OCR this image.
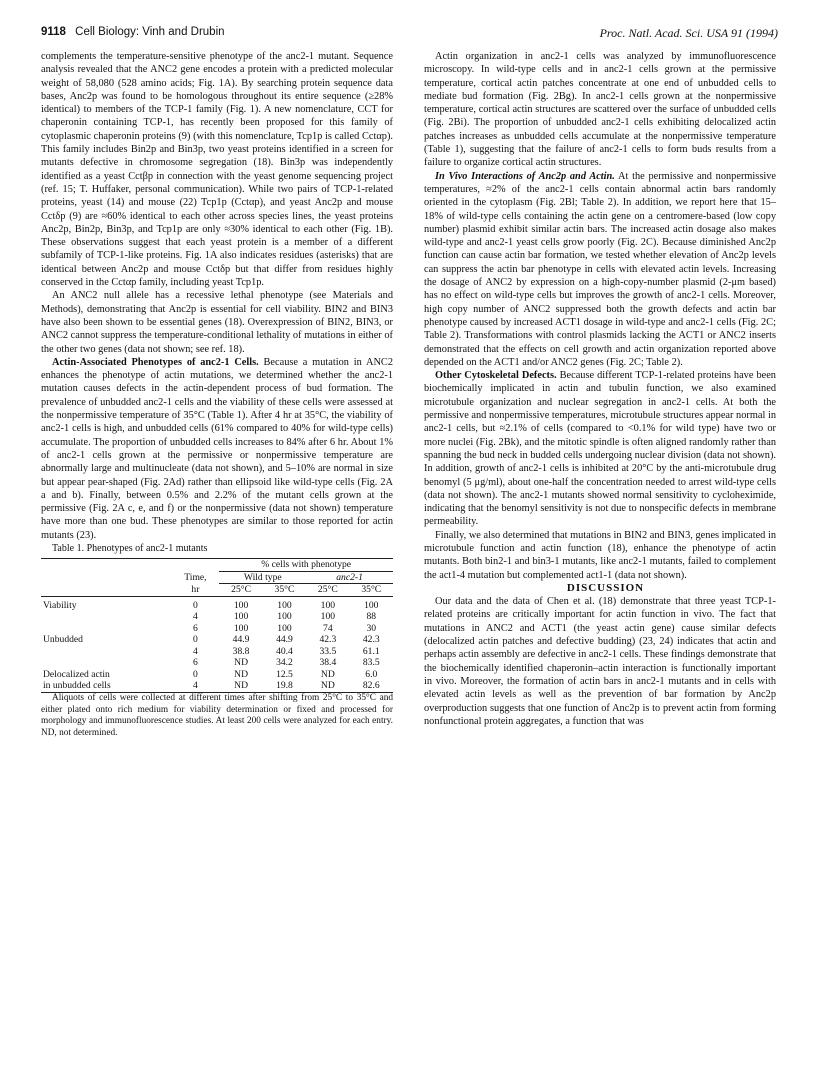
9118 Cell Biology: Vinh and Drubin	Proc. Natl. Acad. Sci. USA 91 (1994)

complements the temperature-sensitive phenotype of the anc2-1 mutant. Sequence analysis revealed that the ANC2 gene encodes a protein with a predicted molecular weight of 58,080 (528 amino acids; Fig. 1A). By searching protein sequence data bases, Anc2p was found to be homologous throughout its entire sequence (≥28% identical) to members of the TCP-1 family (Fig. 1). A new nomenclature, CCT for chaperonin containing TCP-1, has recently been proposed for this family of cytoplasmic chaperonin proteins (9) (with this nomenclature, Tcp1p is called Cctαp). This family includes Bin2p and Bin3p, two yeast proteins identified in a screen for mutants defective in chromosome segregation (18). Bin3p was independently identified as a yeast Cctβp in connection with the yeast genome sequencing project (ref. 15; T. Huffaker, personal communication). While two pairs of TCP-1-related proteins, yeast (14) and mouse (22) Tcp1p (Cctαp), and yeast Anc2p and mouse Cctδp (9) are ≈60% identical to each other across species lines, the yeast proteins Anc2p, Bin2p, Bin3p, and Tcp1p are only ≈30% identical to each other (Fig. 1B). These observations suggest that each yeast protein is a member of a different subfamily of TCP-1-like proteins. Fig. 1A also indicates residues (asterisks) that are identical between Anc2p and mouse Cctδp but that differ from residues highly conserved in the Cctαp family, including yeast Tcp1p.

An ANC2 null allele has a recessive lethal phenotype (see Materials and Methods), demonstrating that Anc2p is essential for cell viability. BIN2 and BIN3 have also been shown to be essential genes (18). Overexpression of BIN2, BIN3, or ANC2 cannot suppress the temperature-conditional lethality of mutations in either of the other two genes (data not shown; see ref. 18).

Actin-Associated Phenotypes of anc2-1 Cells. Because a mutation in ANC2 enhances the phenotype of actin mutations, we determined whether the anc2-1 mutation causes defects in the actin-dependent process of bud formation. The prevalence of unbudded anc2-1 cells and the viability of these cells were assessed at the nonpermissive temperature of 35°C (Table 1). After 4 hr at 35°C, the viability of anc2-1 cells is high, and unbudded cells (61% compared to 40% for wild-type cells) accumulate. The proportion of unbudded cells increases to 84% after 6 hr. About 1% of anc2-1 cells grown at the permissive or nonpermissive temperature are abnormally large and multinucleate (data not shown), and 5–10% are normal in size but appear pear-shaped (Fig. 2Ad) rather than ellipsoid like wild-type cells (Fig. 2A a and b). Finally, between 0.5% and 2.2% of the mutant cells grown at the permissive (Fig. 2A c, e, and f) or the nonpermissive (data not shown) temperature have more than one bud. These phenotypes are similar to those reported for actin mutants (23).

Table 1. Phenotypes of anc2-1 mutants

		% cells with phenotype			
	Time,	Wild type		anc2-1	
	hr	25°C	35°C	25°C	35°C
Viability	0	100	100	100	100
	4	100	100	100	88
	6	100	100	74	30
Unbudded	0	44.9	44.9	42.3	42.3
	4	38.8	40.4	33.5	61.1
	6	ND	34.2	38.4	83.5
Delocalized actin	0	ND	12.5	ND	6.0
in unbudded cells	4	ND	19.8	ND	82.6

Aliquots of cells were collected at different times after shifting from 25°C to 35°C and either plated onto rich medium for viability determination or fixed and processed for morphology and immunofluorescence studies. At least 200 cells were analyzed for each entry. ND, not determined.

Actin organization in anc2-1 cells was analyzed by immunofluorescence microscopy. In wild-type cells and in anc2-1 cells grown at the permissive temperature, cortical actin patches concentrate at one end of unbudded cells to mediate bud formation (Fig. 2Bg). In anc2-1 cells grown at the nonpermissive temperature, cortical actin structures are scattered over the surface of unbudded cells (Fig. 2Bi). The proportion of unbudded anc2-1 cells exhibiting delocalized actin patches increases as unbudded cells accumulate at the nonpermissive temperature (Table 1), suggesting that the failure of anc2-1 cells to form buds results from a failure to organize cortical actin structures.

In Vivo Interactions of Anc2p and Actin. At the permissive and nonpermissive temperatures, ≈2% of the anc2-1 cells contain abnormal actin bars randomly oriented in the cytoplasm (Fig. 2Bl; Table 2). In addition, we report here that 15–18% of wild-type cells containing the actin gene on a centromere-based (low copy number) plasmid exhibit similar actin bars. The increased actin dosage also makes wild-type and anc2-1 yeast cells grow poorly (Fig. 2C). Because diminished Anc2p function can cause actin bar formation, we tested whether elevation of Anc2p levels can suppress the actin bar phenotype in cells with elevated actin levels. Increasing the dosage of ANC2 by expression on a high-copy-number plasmid (2-μm based) has no effect on wild-type cells but improves the growth of anc2-1 cells. Moreover, high copy number of ANC2 suppressed both the growth defects and actin bar phenotype caused by increased ACT1 dosage in wild-type and anc2-1 cells (Fig. 2C; Table 2). Transformations with control plasmids lacking the ACT1 or ANC2 inserts demonstrated that the effects on cell growth and actin organization reported above depended on the ACT1 and/or ANC2 genes (Fig. 2C; Table 2).

Other Cytoskeletal Defects. Because different TCP-1-related proteins have been biochemically implicated in actin and tubulin function, we also examined microtubule organization and nuclear segregation in anc2-1 cells. At both the permissive and nonpermissive temperatures, microtubule structures appear normal in anc2-1 cells, but ≈2.1% of cells (compared to <0.1% for wild type) have two or more nuclei (Fig. 2Bk), and the mitotic spindle is often aligned randomly rather than spanning the bud neck in budded cells undergoing nuclear division (data not shown). In addition, growth of anc2-1 cells is inhibited at 20°C by the anti-microtubule drug benomyl (5 μg/ml), about one-half the concentration needed to arrest wild-type cells (data not shown). The anc2-1 mutants showed normal sensitivity to cycloheximide, indicating that the benomyl sensitivity is not due to nonspecific defects in membrane permeability.

Finally, we also determined that mutations in BIN2 and BIN3, genes implicated in microtubule function and actin function (18), enhance the phenotype of actin mutants. Both bin2-1 and bin3-1 mutants, like anc2-1 mutants, failed to complement the act1-4 mutation but complemented act1-1 (data not shown).

DISCUSSION

Our data and the data of Chen et al. (18) demonstrate that three yeast TCP-1-related proteins are critically important for actin function in vivo. The fact that mutations in ANC2 and ACT1 (the yeast actin gene) cause similar defects (delocalized actin patches and defective budding) (23, 24) indicates that actin and perhaps actin assembly are defective in anc2-1 cells. These findings demonstrate that the biochemically identified chaperonin–actin interaction is functionally important in vivo. Moreover, the formation of actin bars in anc2-1 mutants and in cells with elevated actin levels as well as the prevention of bar formation by Anc2p overproduction suggests that one function of Anc2p is to prevent actin from forming nonfunctional protein aggregates, a function that was
